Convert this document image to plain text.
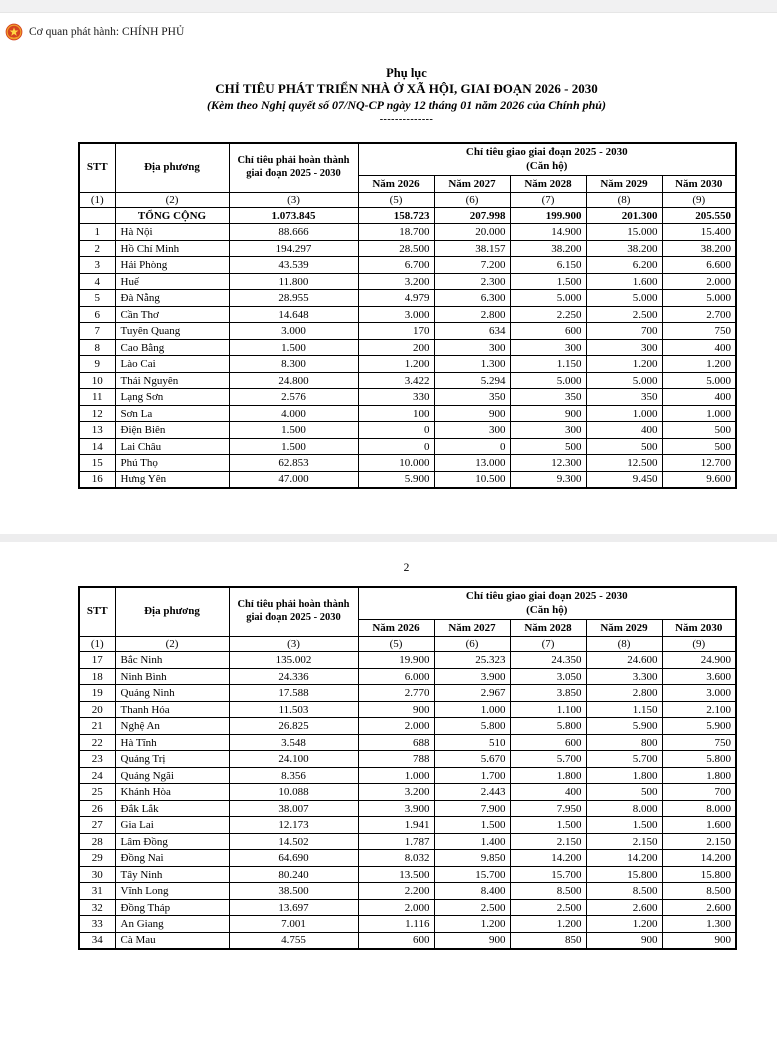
Cơ quan phát hành: CHÍNH PHỦ
Phụ lục
CHỈ TIÊU PHÁT TRIỂN NHÀ Ở XÃ HỘI, GIAI ĐOẠN 2026 - 2030
(Kèm theo Nghị quyết số 07/NQ-CP ngày 12 tháng 01 năm 2026 của Chính phủ)
--------------
STT	Địa phương	Chỉ tiêu phải hoàn thành giai đoạn 2025 - 2030	Chỉ tiêu giao giai đoạn 2025 - 2030
(Căn hộ)				

			Năm 2026	Năm 2027	Năm 2028	Năm 2029	Năm 2030
(1)	(2)	(3)	(5)	(6)	(7)	(8)	(9)
	TỔNG CỘNG	1.073.845	158.723	207.998	199.900	201.300	205.550
1	Hà Nội	88.666	18.700	20.000	14.900	15.000	15.400
2	Hồ Chí Minh	194.297	28.500	38.157	38.200	38.200	38.200
3	Hải Phòng	43.539	6.700	7.200	6.150	6.200	6.600
4	Huế	11.800	3.200	2.300	1.500	1.600	2.000
5	Đà Nẵng	28.955	4.979	6.300	5.000	5.000	5.000
6	Cần Thơ	14.648	3.000	2.800	2.250	2.500	2.700
7	Tuyên Quang	3.000	170	634	600	700	750
8	Cao Bằng	1.500	200	300	300	300	400
9	Lào Cai	8.300	1.200	1.300	1.150	1.200	1.200
10	Thái Nguyên	24.800	3.422	5.294	5.000	5.000	5.000
11	Lạng Sơn	2.576	330	350	350	350	400
12	Sơn La	4.000	100	900	900	1.000	1.000
13	Điện Biên	1.500	0	300	300	400	500
14	Lai Châu	1.500	0	0	500	500	500
15	Phú Thọ	62.853	10.000	13.000	12.300	12.500	12.700
16	Hưng Yên	47.000	5.900	10.500	9.300	9.450	9.600
2
STT	Địa phương	Chỉ tiêu phải hoàn thành giai đoạn 2025 - 2030	Chỉ tiêu giao giai đoạn 2025 - 2030
(Căn hộ)				

			Năm 2026	Năm 2027	Năm 2028	Năm 2029	Năm 2030
(1)	(2)	(3)	(5)	(6)	(7)	(8)	(9)
17	Bắc Ninh	135.002	19.900	25.323	24.350	24.600	24.900
18	Ninh Bình	24.336	6.000	3.900	3.050	3.300	3.600
19	Quảng Ninh	17.588	2.770	2.967	3.850	2.800	3.000
20	Thanh Hóa	11.503	900	1.000	1.100	1.150	2.100
21	Nghệ An	26.825	2.000	5.800	5.800	5.900	5.900
22	Hà Tĩnh	3.548	688	510	600	800	750
23	Quảng Trị	24.100	788	5.670	5.700	5.700	5.800
24	Quảng Ngãi	8.356	1.000	1.700	1.800	1.800	1.800
25	Khánh Hòa	10.088	3.200	2.443	400	500	700
26	Đắk Lắk	38.007	3.900	7.900	7.950	8.000	8.000
27	Gia Lai	12.173	1.941	1.500	1.500	1.500	1.600
28	Lâm Đồng	14.502	1.787	1.400	2.150	2.150	2.150
29	Đồng Nai	64.690	8.032	9.850	14.200	14.200	14.200
30	Tây Ninh	80.240	13.500	15.700	15.700	15.800	15.800
31	Vĩnh Long	38.500	2.200	8.400	8.500	8.500	8.500
32	Đồng Tháp	13.697	2.000	2.500	2.500	2.600	2.600
33	An Giang	7.001	1.116	1.200	1.200	1.200	1.300
34	Cà Mau	4.755	600	900	850	900	900
